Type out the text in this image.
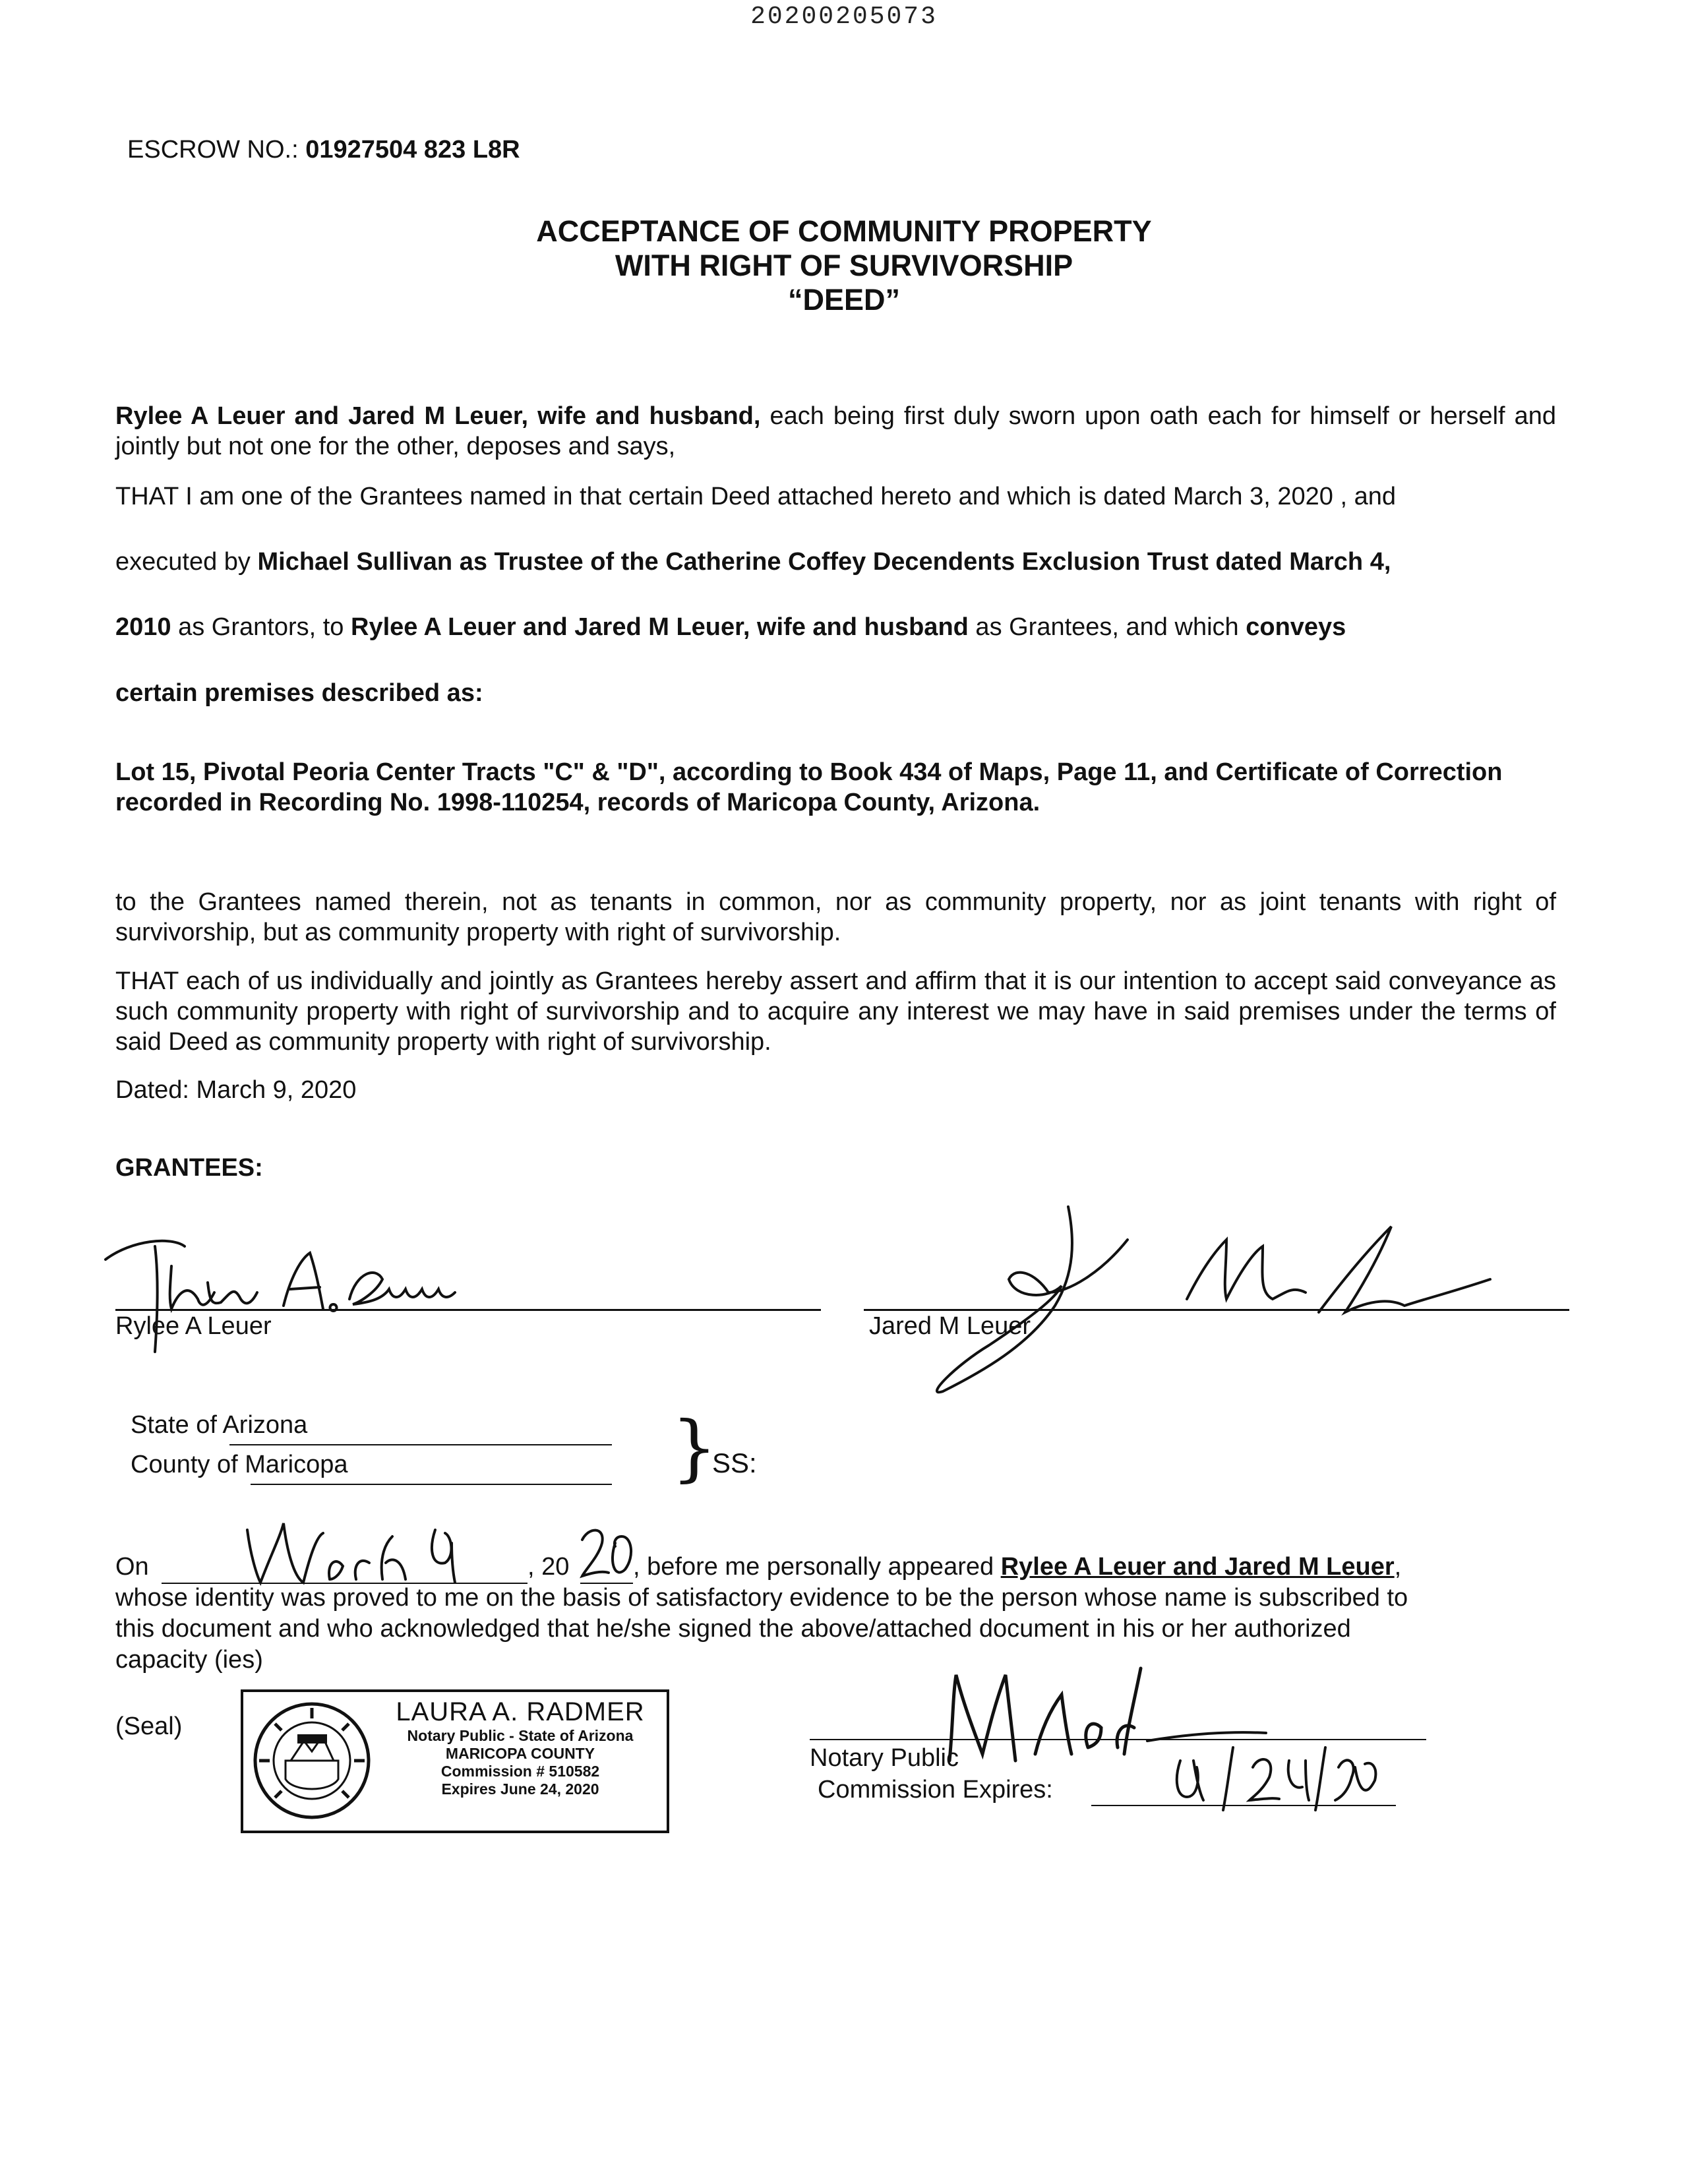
20200205073
ESCROW NO.: 01927504 823 L8R
ACCEPTANCE OF COMMUNITY PROPERTY
WITH RIGHT OF SURVIVORSHIP
“DEED”
Rylee A Leuer and Jared M Leuer, wife and husband, each being first duly sworn upon oath each for himself or herself and jointly but not one for the other, deposes and says,
THAT I am one of the Grantees named in that certain Deed attached hereto and which is dated March 3, 2020 , and
executed by Michael Sullivan as Trustee of the Catherine Coffey Decendents Exclusion Trust dated March 4,
2010 as Grantors, to Rylee A Leuer and Jared M Leuer, wife and husband as Grantees, and which conveys
certain premises described as:
Lot 15, Pivotal Peoria Center Tracts "C" & "D", according to Book 434 of Maps, Page 11, and Certificate of Correction recorded in Recording No. 1998-110254, records of Maricopa County, Arizona.
to the Grantees named therein, not as tenants in common, nor as community property, nor as joint tenants with right of survivorship, but as community property with right of survivorship.
THAT each of us individually and jointly as Grantees hereby assert and affirm that it is our intention to accept said conveyance as such community property with right of survivorship and to acquire any interest we may have in said premises under the terms of said Deed as community property with right of survivorship.
Dated: March 9, 2020
GRANTEES:
Rylee A Leuer	Jared M Leuer
State of Arizona
County of Maricopa	}
SS:
On	, 20	, before me personally appeared Rylee A Leuer and Jared M Leuer,
whose identity was proved to me on the basis of satisfactory evidence to be the person whose name is subscribed to
this document and who acknowledged that he/she signed the above/attached document in his or her authorized
capacity (ies)
(Seal)	LAURA A. RADMER
Notary Public - State of Arizona
MARICOPA COUNTY
Commission # 510582
Expires June 24, 2020
Notary Public
Commission Expires:
